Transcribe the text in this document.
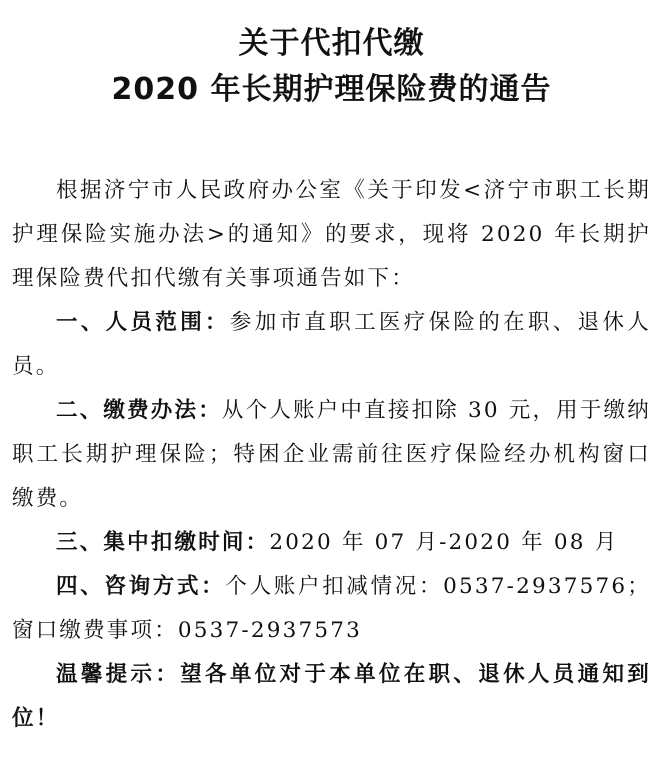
关于代扣代缴
2020 年长期护理保险费的通告

根据济宁市人民政府办公室《关于印发<济宁市职工长期护理保险实施办法>的通知》的要求，现将 2020 年长期护理保险费代扣代缴有关事项通告如下：

一、人员范围：参加市直职工医疗保险的在职、退休人员。

二、缴费办法：从个人账户中直接扣除 30 元，用于缴纳职工长期护理保险；特困企业需前往医疗保险经办机构窗口缴费。

三、集中扣缴时间：2020 年 07 月-2020 年 08 月

四、咨询方式：个人账户扣减情况：0537-2937576；窗口缴费事项：0537-2937573

温馨提示：望各单位对于本单位在职、退休人员通知到位！
